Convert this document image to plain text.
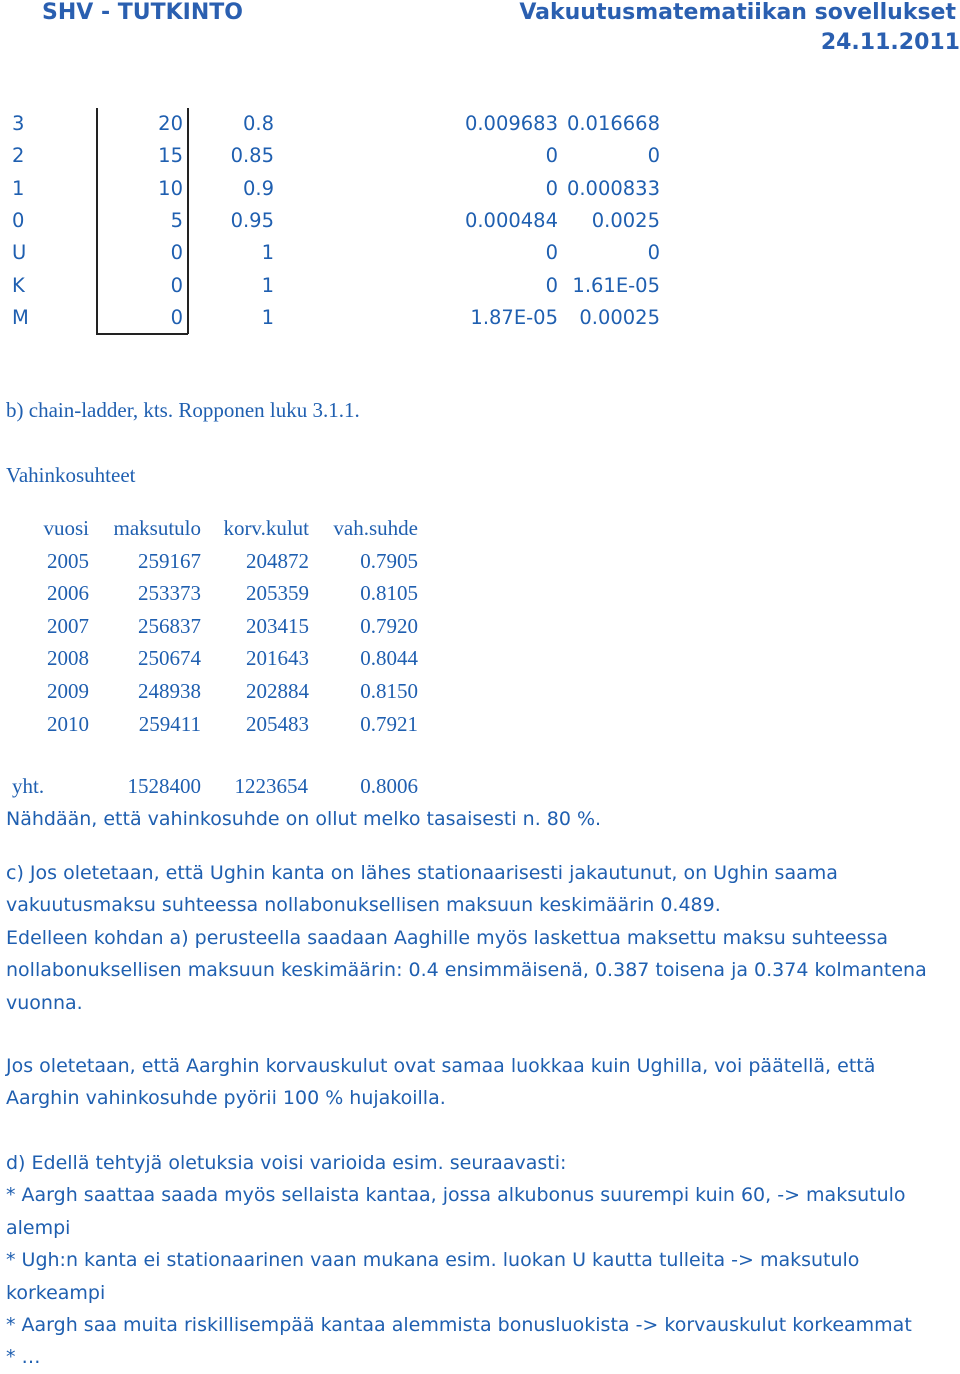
SHV - TUTKINTO	Vakuutusmatematiikan sovellukset
24.11.2011
3	20	0.8	0.009683 0.016668
2	15 0.85	0	0
1	10	0.9	0 0.000833
0	5 0.95	0.000484 0.0025
U	0	1	0	0
K	0	1	0 1.61E-05
M	0	1	1.87E-05 0.00025
b) chain-ladder, kts. Ropponen luku 3.1.1.
Vahinkosuhteet
vuosi maksutulo korv.kulut vah.suhde
2005 259167 204872 0.7905
2006 253373 205359 0.8105
2007 256837 203415 0.7920
2008 250674 201643 0.8044
2009 248938 202884 0.8150
2010 259411 205483 0.7921
yht.	1528400 1223654 0.8006
Nähdään, että vahinkosuhde on ollut melko tasaisesti n. 80 %.
c) Jos oletetaan, että Ughin kanta on lähes stationaarisesti jakautunut, on Ughin saama
vakuutusmaksu suhteessa nollabonuksellisen maksuun keskimäärin 0.489.
Edelleen kohdan a) perusteella saadaan Aaghille myös laskettua maksettu maksu suhteessa
nollabonuksellisen maksuun keskimäärin: 0.4 ensimmäisenä, 0.387 toisena ja 0.374 kolmantena
vuonna.
Jos oletetaan, että Aarghin korvauskulut ovat samaa luokkaa kuin Ughilla, voi päätellä, että
Aarghin vahinkosuhde pyörii 100 % hujakoilla.
d) Edellä tehtyjä oletuksia voisi varioida esim. seuraavasti:
* Aargh saattaa saada myös sellaista kantaa, jossa alkubonus suurempi kuin 60, -> maksutulo
alempi
* Ugh:n kanta ei stationaarinen vaan mukana esim. luokan U kautta tulleita -> maksutulo
korkeampi
* Aargh saa muita riskillisempää kantaa alemmista bonusluokista -> korvauskulut korkeammat
* …
